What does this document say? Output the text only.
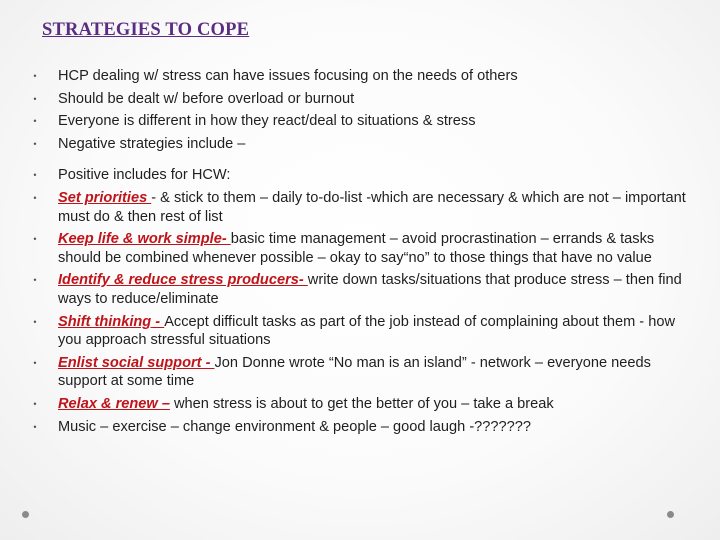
STRATEGIES TO COPE
• HCP dealing w/ stress can have issues focusing on the needs of others
• Should be dealt w/ before overload or burnout
• Everyone is different in how they react/deal to situations & stress
• Negative strategies include –
• Positive includes for HCW:
• Set priorities - & stick to them – daily to-do-list -which are necessary & which are not – important must do & then rest of list
• Keep life & work simple- basic time management – avoid procrastination – errands & tasks should be combined whenever possible – okay to say“no” to those things that have no value
• Identify & reduce stress producers- write down tasks/situations that produce stress – then find ways to reduce/eliminate
• Shift thinking - Accept difficult tasks as part of the job instead of complaining about them - how you approach stressful situations
• Enlist social support - Jon Donne wrote “No man is an island” - network – everyone needs support at some time
• Relax & renew – when stress is about to get the better of you – take a break
• Music – exercise – change environment & people – good laugh -???????
